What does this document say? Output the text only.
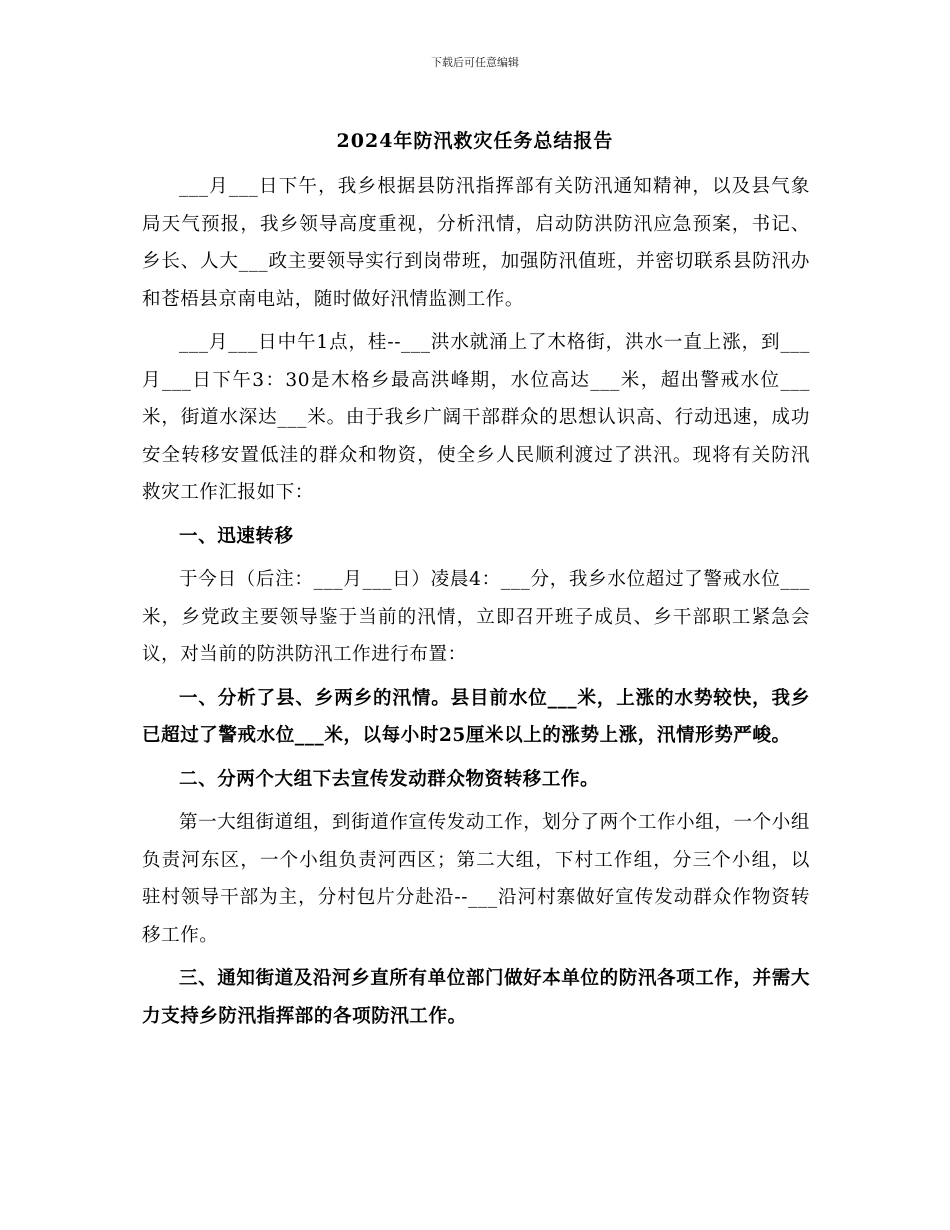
下载后可任意编辑
2024年防汛救灾任务总结报告

___月___日下午，我乡根据县防汛指挥部有关防汛通知精神，以及县气象局天气预报，我乡领导高度重视，分析汛情，启动防洪防汛应急预案，书记、乡长、人大___政主要领导实行到岗带班，加强防汛值班，并密切联系县防汛办和苍梧县京南电站，随时做好汛情监测工作。

___月___日中午1点，桂--___洪水就涌上了木格街，洪水一直上涨，到___月___日下午3：30是木格乡最高洪峰期，水位高达___米，超出警戒水位___米，街道水深达___米。由于我乡广阔干部群众的思想认识高、行动迅速，成功安全转移安置低洼的群众和物资，使全乡人民顺利渡过了洪汛。现将有关防汛救灾工作汇报如下：

一、迅速转移

于今日（后注：___月___日）凌晨4：___分，我乡水位超过了警戒水位___米，乡党政主要领导鉴于当前的汛情，立即召开班子成员、乡干部职工紧急会议，对当前的防洪防汛工作进行布置：

一、分析了县、乡两乡的汛情。县目前水位___米，上涨的水势较快，我乡已超过了警戒水位___米，以每小时25厘米以上的涨势上涨，汛情形势严峻。

二、分两个大组下去宣传发动群众物资转移工作。

第一大组街道组，到街道作宣传发动工作，划分了两个工作小组，一个小组负责河东区，一个小组负责河西区；第二大组，下村工作组，分三个小组，以驻村领导干部为主，分村包片分赴沿--___沿河村寨做好宣传发动群众作物资转移工作。

三、通知街道及沿河乡直所有单位部门做好本单位的防汛各项工作，并需大力支持乡防汛指挥部的各项防汛工作。
